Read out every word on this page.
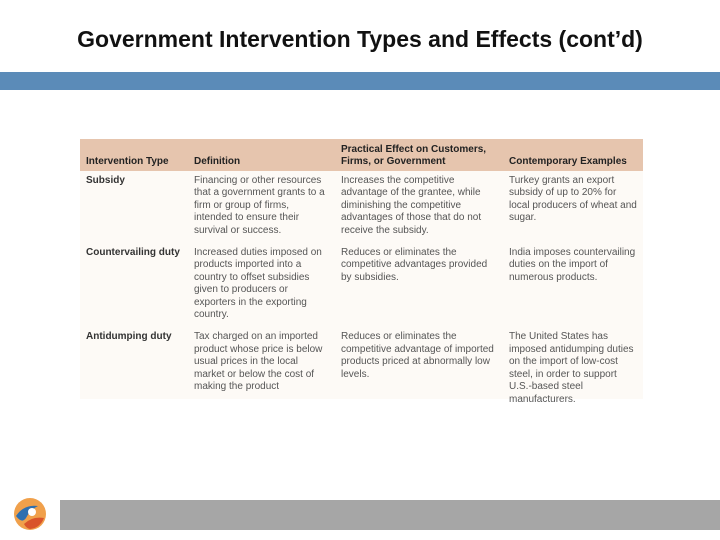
Government Intervention Types and Effects (cont’d)
Intervention Type	Definition	Practical Effect on Customers, Firms, or Government	Contemporary Examples
Subsidy	Financing or other resources that a government grants to a firm or group of firms, intended to ensure their survival or success.	Increases the competitive advantage of the grantee, while diminishing the competitive advantages of those that do not receive the subsidy.	Turkey grants an export subsidy of up to 20% for local producers of wheat and sugar.
Countervailing duty	Increased duties imposed on products imported into a country to offset subsidies given to producers or exporters in the exporting country.	Reduces or eliminates the competitive advantages provided by subsidies.	India imposes countervailing duties on the import of numerous products.
Antidumping duty	Tax charged on an imported product whose price is below usual prices in the local market or below the cost of making the product	Reduces or eliminates the competitive advantage of imported products priced at abnormally low levels.	The United States has imposed antidumping duties on the import of low-cost steel, in order to support U.S.-based steel manufacturers.
